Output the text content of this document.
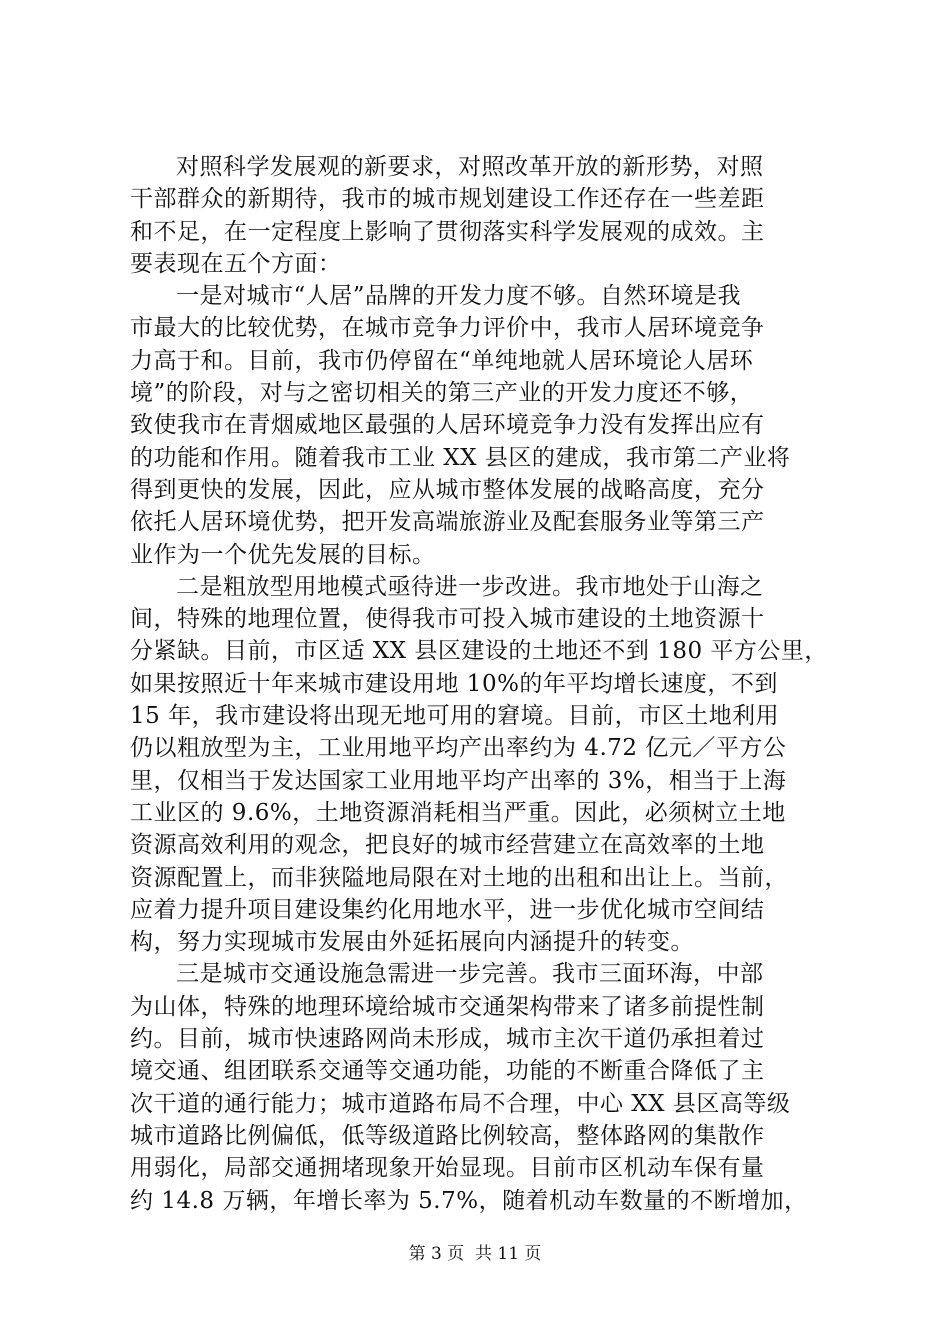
对照科学发展观的新要求，对照改革开放的新形势，对照
干部群众的新期待，我市的城市规划建设工作还存在一些差距
和不足，在一定程度上影响了贯彻落实科学发展观的成效。主
要表现在五个方面：
一是对城市“人居”品牌的开发力度不够。自然环境是我
市最大的比较优势，在城市竞争力评价中，我市人居环境竞争
力高于和。目前，我市仍停留在“单纯地就人居环境论人居环
境”的阶段，对与之密切相关的第三产业的开发力度还不够，
致使我市在青烟威地区最强的人居环境竞争力没有发挥出应有
的功能和作用。随着我市工业 XX 县区的建成，我市第二产业将
得到更快的发展，因此，应从城市整体发展的战略高度，充分
依托人居环境优势，把开发高端旅游业及配套服务业等第三产
业作为一个优先发展的目标。
二是粗放型用地模式亟待进一步改进。我市地处于山海之
间，特殊的地理位置，使得我市可投入城市建设的土地资源十
分紧缺。目前，市区适 XX 县区建设的土地还不到 180 平方公里，
如果按照近十年来城市建设用地 10%的年平均增长速度，不到
15 年，我市建设将出现无地可用的窘境。目前，市区土地利用
仍以粗放型为主，工业用地平均产出率约为 4.72 亿元／平方公
里，仅相当于发达国家工业用地平均产出率的 3%，相当于上海
工业区的 9.6%，土地资源消耗相当严重。因此，必须树立土地
资源高效利用的观念，把良好的城市经营建立在高效率的土地
资源配置上，而非狭隘地局限在对土地的出租和出让上。当前，
应着力提升项目建设集约化用地水平，进一步优化城市空间结
构，努力实现城市发展由外延拓展向内涵提升的转变。
三是城市交通设施急需进一步完善。我市三面环海，中部
为山体，特殊的地理环境给城市交通架构带来了诸多前提性制
约。目前，城市快速路网尚未形成，城市主次干道仍承担着过
境交通、组团联系交通等交通功能，功能的不断重合降低了主
次干道的通行能力；城市道路布局不合理，中心 XX 县区高等级
城市道路比例偏低，低等级道路比例较高，整体路网的集散作
用弱化，局部交通拥堵现象开始显现。目前市区机动车保有量
约 14.8 万辆，年增长率为 5.7%，随着机动车数量的不断增加，
第 3 页  共 11 页
